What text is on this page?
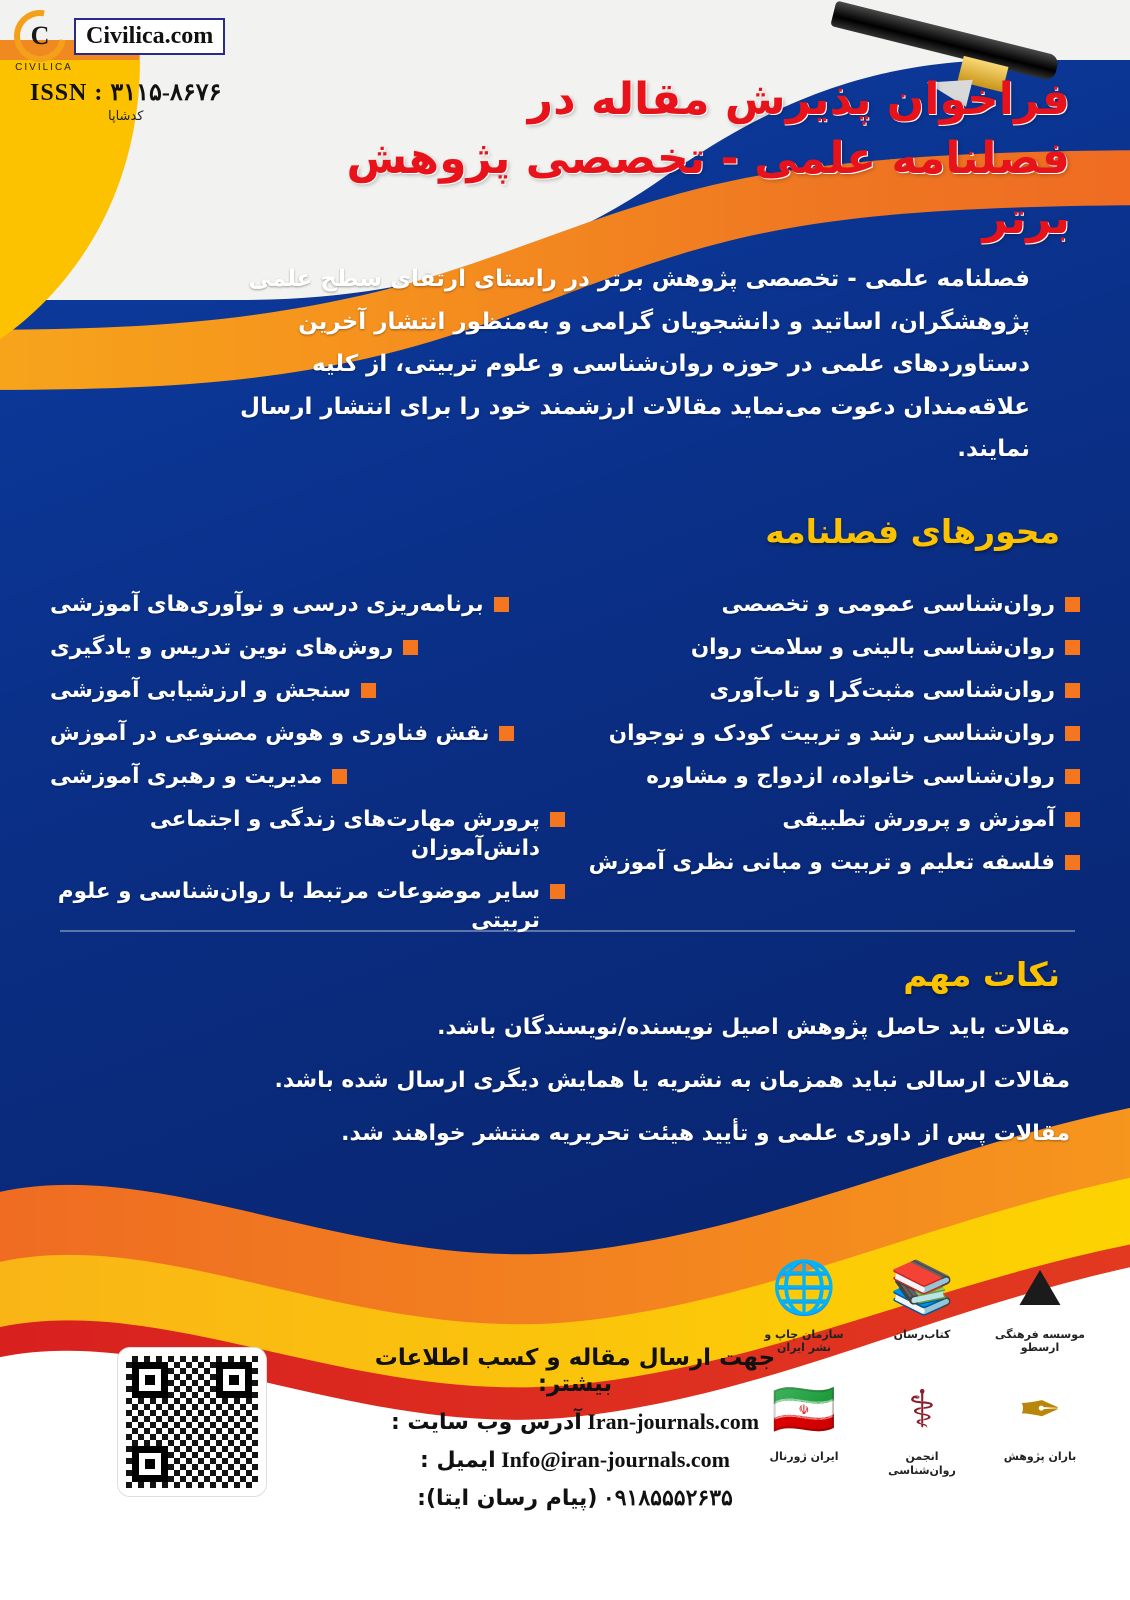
C
CIVILICA
Civilica.com
ISSN : ۳۱۱۵-۸۶۷۶
کدشاپا	فراخوان پذیرش مقاله در
فصلنامه علمی - تخصصی پژوهش برتر
فصلنامه علمی - تخصصی پژوهش برتر در راستای ارتقای سطح علمی پژوهشگران، اساتید و دانشجویان گرامی و به‌منظور انتشار آخرین دستاوردهای علمی در حوزه روان‌شناسی و علوم تربیتی، از کلیه علاقه‌مندان دعوت می‌نماید مقالات ارزشمند خود را برای انتشار ارسال نمایند.
محورهای فصلنامه
روان‌شناسی عمومی و تخصصی
روان‌شناسی بالینی و سلامت روان
روان‌شناسی مثبت‌گرا و تاب‌آوری
روان‌شناسی رشد و تربیت کودک و نوجوان
روان‌شناسی خانواده، ازدواج و مشاوره
آموزش و پرورش تطبیقی
فلسفه تعلیم و تربیت و مبانی نظری آموزش
برنامه‌ریزی درسی و نوآوری‌های آموزشی
روش‌های نوین تدریس و یادگیری
سنجش و ارزشیابی آموزشی
نقش فناوری و هوش مصنوعی در آموزش
مدیریت و رهبری آموزشی
پرورش مهارت‌های زندگی و اجتماعی دانش‌آموزان
سایر موضوعات مرتبط با روان‌شناسی و علوم تربیتی
نکات مهم
مقالات باید حاصل پژوهش اصیل نویسنده/نویسندگان باشد.
مقالات ارسالی نباید همزمان به نشریه یا همایش دیگری ارسال شده باشد.
مقالات پس از داوری علمی و تأیید هیئت تحریریه منتشر خواهند شد.
⛰
موسسه فرهنگی ارسطو
📚
کتاب‌رسان
🌐
سازمان چاپ و نشر ایران
✒
باران پژوهش
⚕
انجمن روان‌شناسی
🇮🇷
ایران ژورنال
جهت ارسال مقاله و کسب اطلاعات بیشتر:
Iran-journals.com آدرس وب سایت :
Info@iran-journals.com ایمیل :
۰۹۱۸۵۵۵۲۶۳۵ (پیام رسان ایتا):
